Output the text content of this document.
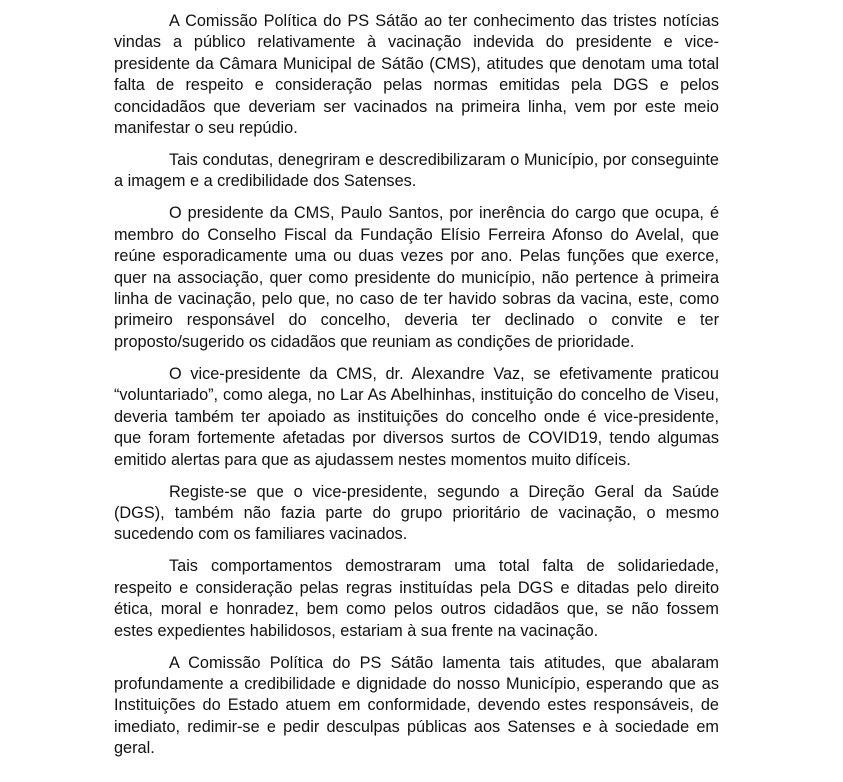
A Comissão Política do PS Sátão ao ter conhecimento das tristes notícias vindas a público relativamente à vacinação indevida do presidente e vice-presidente da Câmara Municipal de Sátão (CMS), atitudes que denotam uma total falta de respeito e consideração pelas normas emitidas pela DGS e pelos concidadãos que deveriam ser vacinados na primeira linha, vem por este meio manifestar o seu repúdio.

Tais condutas, denegriram e descredibilizaram o Município, por conseguinte a imagem e a credibilidade dos Satenses.

O presidente da CMS, Paulo Santos, por inerência do cargo que ocupa, é membro do Conselho Fiscal da Fundação Elísio Ferreira Afonso do Avelal, que reúne esporadicamente uma ou duas vezes por ano. Pelas funções que exerce, quer na associação, quer como presidente do município, não pertence à primeira linha de vacinação, pelo que, no caso de ter havido sobras da vacina, este, como primeiro responsável do concelho, deveria ter declinado o convite e ter proposto/sugerido os cidadãos que reuniam as condições de prioridade.

O vice-presidente da CMS, dr. Alexandre Vaz, se efetivamente praticou “voluntariado”, como alega, no Lar As Abelhinhas, instituição do concelho de Viseu, deveria também ter apoiado as instituições do concelho onde é vice-presidente, que foram fortemente afetadas por diversos surtos de COVID19, tendo algumas emitido alertas para que as ajudassem nestes momentos muito difíceis.

Registe-se que o vice-presidente, segundo a Direção Geral da Saúde (DGS), também não fazia parte do grupo prioritário de vacinação, o mesmo sucedendo com os familiares vacinados.

Tais comportamentos demostraram uma total falta de solidariedade, respeito e consideração pelas regras instituídas pela DGS e ditadas pelo direito ética, moral e honradez, bem como pelos outros cidadãos que, se não fossem estes expedientes habilidosos, estariam à sua frente na vacinação.

A Comissão Política do PS Sátão lamenta tais atitudes, que abalaram profundamente a credibilidade e dignidade do nosso Município, esperando que as Instituições do Estado atuem em conformidade, devendo estes responsáveis, de imediato, redimir-se e pedir desculpas públicas aos Satenses e à sociedade em geral.
